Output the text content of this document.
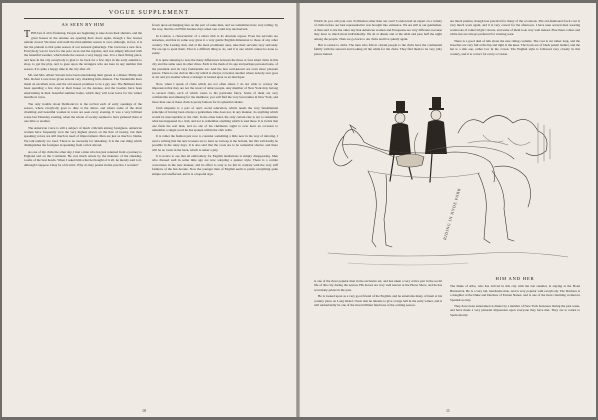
VOGUE SUPPLEMENT
AS SEEN BY HIM

THIS last of all is flattering. People are beginning to take down their shutters, and the great houses in the Avenue are opening their doors again, though a few houses remain closed. We must wait until the mid-summer season is over, although, in fact, it is but the prelude to that quiet season of our national gatherings. The town has a new face. Everybody was in town for the polo races and the regattas, and was simply infected with the beautiful weather, which made the season a very happy one. It is a most fitting place, and here in the city everybody is glad to be back for a few days in the early autumn to shop, to get the play, and to gaze upon the strangers who are here in any number this season. It is quite a happy time in the city after all.

Mr. and Mrs. Albert Stevens have been entertaining their guests at a dinner. Philip and Mrs. Robert Lowe have given several very charming little dinners. The Vanderbilts have made an excellent start, and the old season promises to be a gay one. The Belmont have been spending a few days at their house on the Avenue, and the Goelets have been entertaining in their beautiful summer home, which they will soon leave for the winter months in town.

The only trouble about Delmonico's is the revival each of early openings of the season, where everybody goes to dine at the dance, and where some of the most charming and beautiful women in town are seen every evening. It was a very brilliant scene last Thursday evening, when the whole of society seemed to have gathered there at one time or another.

The American voice is still a subject of much criticism among foreigners. American women have frequently won the very highest places on the lists of beauty, but their speaking voices are still much in need of improvement. Men are just as much to blame. We talk entirely too loud. There is no necessity for shrieking. It is the one thing which distinguishes the foreigner in speaking from a trick abroad.

As one of my clubs the other day, I met a man who has just returned from a journey to England and on the Continent. He was much struck by the manners of the smoking-rooms of the best hotels. When I asked him what he thought of it all, he merely said to it, although I suppose I may be a bit strict. Why do they persist in this practice, I wonder?

frown upon exchanging fees on the part of some men, and we sometimes have very telling, by the way, that the old Fifth Avenue days when one could stay unobserved.

In London, a characteristic of a smart club is its absolute repose. Even the servants are noiseless, and that in some way gives it a very gentle English dimension to those of any other country. The Lasting club, and at the most prominent ones, take their servants very seriously. We are apt to spoil them. That is a difficult thing to do, and it is one which cannot be done so easily.

It is quite amusing to note the many differences between the three or four smart clubs in this city and the same ones in other cities. Each is the mark of its age and perhaps personal taste, of the president and its very fashionable set. And the less well-known are even more pleasant places. There is one club in this city which is always crowded, another where nobody ever goes at all, and yet another where a stranger is looked upon as an interloper.

Now, when I speak of clubs which are not often smart, I do not wish to convey the impression that they are not the resort of smart people. Any member of New York may belong to several clubs, each of which caters to his particular fancy. Some of them are very comfortable and amusing for the members; you will find the very best names in New York, and more than one of these clubs is pretty famous for its splendid cuisine.

Club etiquette is a part of one's social education, which needs the very fundamental principle of having been always a gentleman. One does not, in any manner, do anything which would be unacceptable to the club. In the other hand, the only certain rule is not to remember what has happened in a club, and not to remember anything which is said there. It is in this that one finds the real man, and no one of his clubmates ought to ever have an occasion to remember a single word he has spoken within the club walls.

It is rather the fashion just now to consider something a little new in the way of tailoring. I read a writing that the new trousers are to have no turn-up at the bottom, but this will hardly be possible in the rainy days. It is also said that the coats are to be somewhat shorter, and there will be no vents in the back, which is rather a pity.

It is notice to see that all embroidery for English institutions is simply disappearing. Men who dressed well in some time ago are now adopting a quieter style. There is a certain correctness in the new manner, and its effect is only to be felt in contrast with the very stiff fashions of the last decade. Now the younger men of English seem to prefer everything quite simple and unaffected, and it is a hopeful sign.

10

Which do you call your own civilization other than our own? London had an expert on a variety of clubs before our best representative was brought into existence. We are still at our gentlemen. A man said to me the other day that American women and Europeans are very different, because they have so much more individuality. We sit at dinner and at the table and pass half the night among the people. Then we go back to our clubs and live quietly again.

But to return to clubs. The men who follow certain people to the clubs have the continental family with the steward and looking all the while for the clubs. They find them to be very jolly places indeed.

are much prettier, though less practical for many of the occasions. The old-fashioned frock coat is very much worn again, and it is very correct for the afternoon. I have seen several men wearing waistcoats of rather bright colours, and some of them look very well indeed. Fine linen collars and white ties are always preferred for evening wear.

There is a good deal of talk about the new riding costume. The coat is cut rather long, and the breeches are very full at the hip and tight at the knee. The boots are of black patent leather, and the hat is a silk one, rather low in the crown. The English style is followed very closely in this country, and it is correct for every occasion.

RIDING IN HYDE PARK
HIM AND HER

The Duke of Alba, who has arrived in this city with the last steamer, is staying at the Hotel Brunswick. He is a very tall, handsome man, and is very popular with everybody. The Duchess is a daughter of the Duke and Duchess of Fernan Nunez, and is one of the most charming women in Spanish society.

They have been entertained at dinner by a number of New York hostesses during the past week, and have made a very pleasant impression upon everyone they have met. They are to return to Spain shortly.

is one of the most popular men in the exclusive set, and has taken a very active part in the social life of this city during the season. His horses are very well known at the Horse Show, and he has won many prizes in the past.

He is looked upon as a very good friend of the English, and he entertains many of them at his country place on Long Island. I hear that he intends to give a large ball in the early winter, and it will undoubtedly be one of the most brilliant functions of the coming season.

11
